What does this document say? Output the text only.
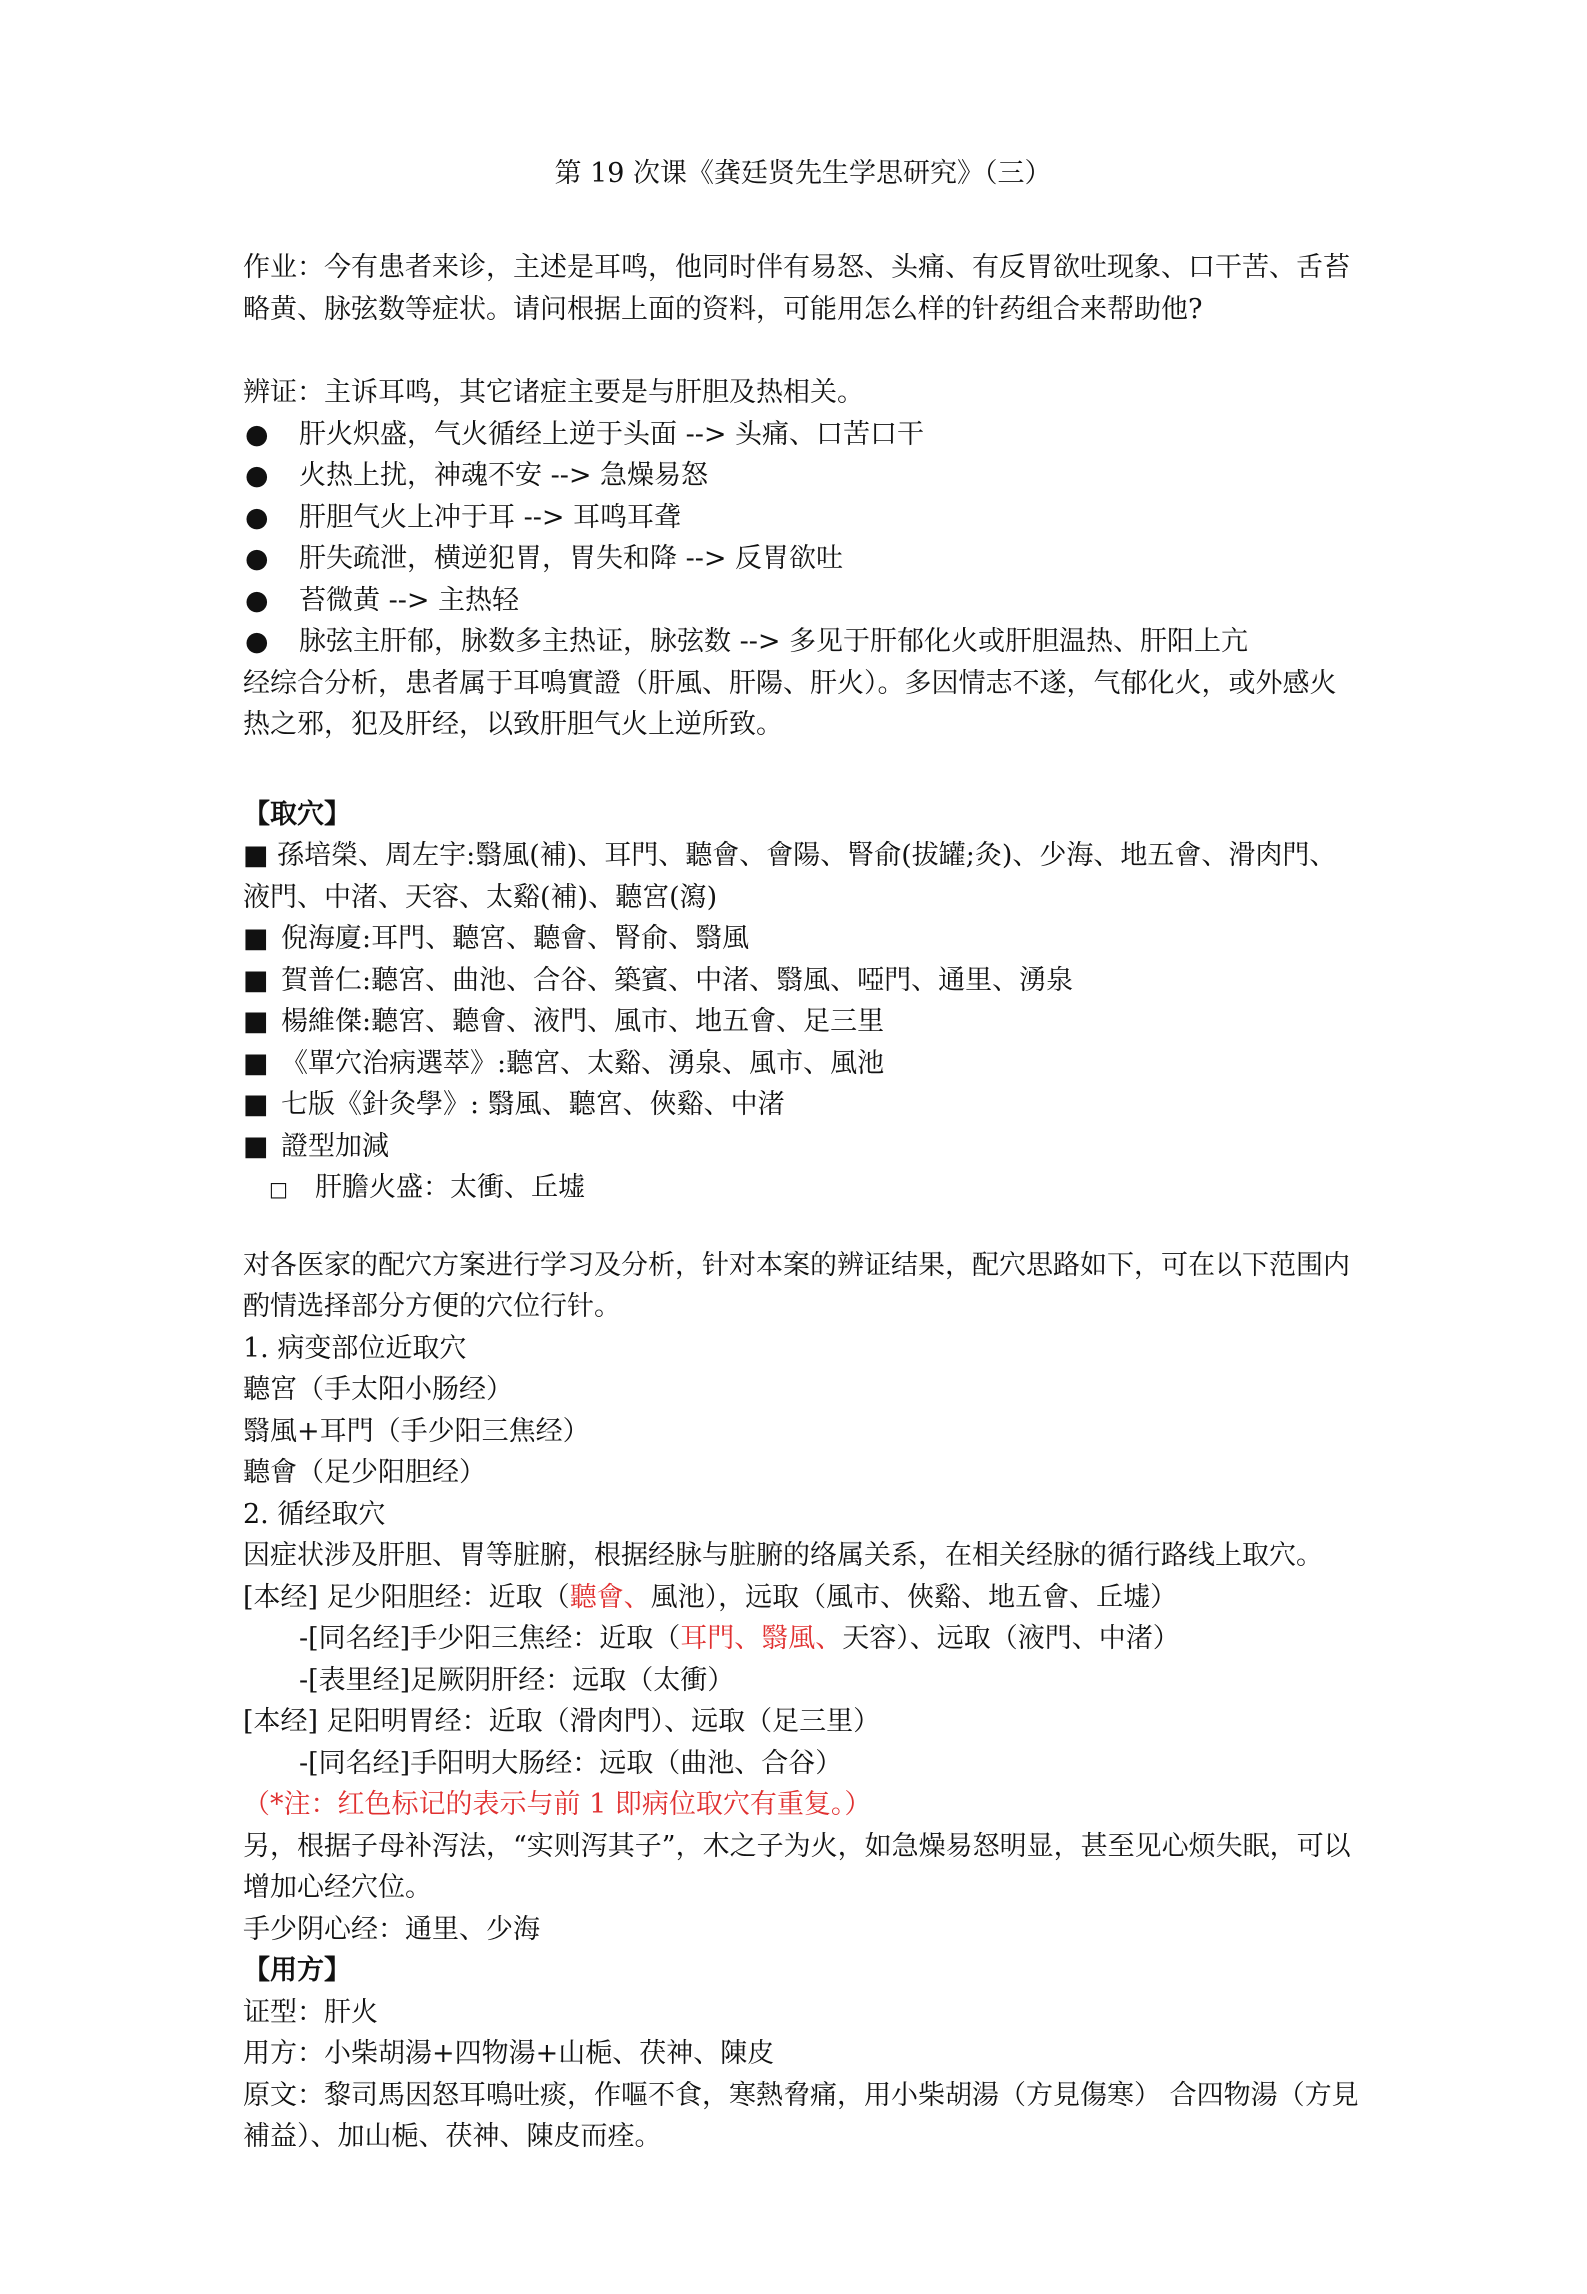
第 19 次课《龚廷贤先生学思研究》（三）

作业：今有患者来诊，主述是耳鸣，他同时伴有易怒、头痛、有反胃欲吐现象、口干苦、舌苔略黄、脉弦数等症状。请问根据上面的资料，可能用怎么样的针药组合来帮助他?

辨证：主诉耳鸣，其它诸症主要是与肝胆及热相关。

●	肝火炽盛，气火循经上逆于头面 --> 头痛、口苦口干
●	火热上扰，神魂不安 --> 急燥易怒
●	肝胆气火上冲于耳 --> 耳鸣耳聋
●	肝失疏泄，横逆犯胃，胃失和降 --> 反胃欲吐
●	苔微黄 --> 主热轻
●	脉弦主肝郁，脉数多主热证，脉弦数 --> 多见于肝郁化火或肝胆温热、肝阳上亢

经综合分析，患者属于耳鳴實證（肝風、肝陽、肝火）。多因情志不遂，气郁化火，或外感火热之邪，犯及肝经，以致肝胆气火上逆所致。

【取穴】

■ 孫培榮、周左宇:翳風(補)、耳門、聽會、會陽、腎俞(拔罐;灸)、少海、地五會、滑肉門、液門、中渚、天容、太谿(補)、聽宮(瀉)

■ 倪海廈:耳門、聽宮、聽會、腎俞、翳風
■ 賀普仁:聽宮、曲池、合谷、築賓、中渚、翳風、啞門、通里、湧泉
■ 楊維傑:聽宮、聽會、液門、風市、地五會、足三里
■ 《單穴治病選萃》:聽宮、太谿、湧泉、風市、風池
■ 七版《針灸學》: 翳風、聽宮、俠谿、中渚
■ 證型加減
□	肝膽火盛：太衝、丘墟

对各医家的配穴方案进行学习及分析，针对本案的辨证结果，配穴思路如下，可在以下范围内酌情选择部分方便的穴位行针。

1. 病变部位近取穴

聽宮（手太阳小肠经）

翳風+耳門（手少阳三焦经）

聽會（足少阳胆经）

2. 循经取穴

因症状涉及肝胆、胃等脏腑，根据经脉与脏腑的络属关系，在相关经脉的循行路线上取穴。

[本经] 足少阳胆经：近取（聽會、風池），远取（風市、俠谿、地五會、丘墟）

-[同名经]手少阳三焦经：近取（耳門、翳風、天容）、远取（液門、中渚）

-[表里经]足厥阴肝经：远取（太衝）

[本经] 足阳明胃经：近取（滑肉門）、远取（足三里）

-[同名经]手阳明大肠经：远取（曲池、合谷）

（*注：红色标记的表示与前 1 即病位取穴有重复。）

另，根据子母补泻法，“实则泻其子”，木之子为火，如急燥易怒明显，甚至见心烦失眠，可以增加心经穴位。

手少阴心经：通里、少海

【用方】

证型：肝火

用方：小柴胡湯+四物湯+山梔、茯神、陳皮

原文：黎司馬因怒耳鳴吐痰，作嘔不食，寒熱脅痛，用小柴胡湯（方見傷寒） 合四物湯（方見補益）、加山梔、茯神、陳皮而痊。
